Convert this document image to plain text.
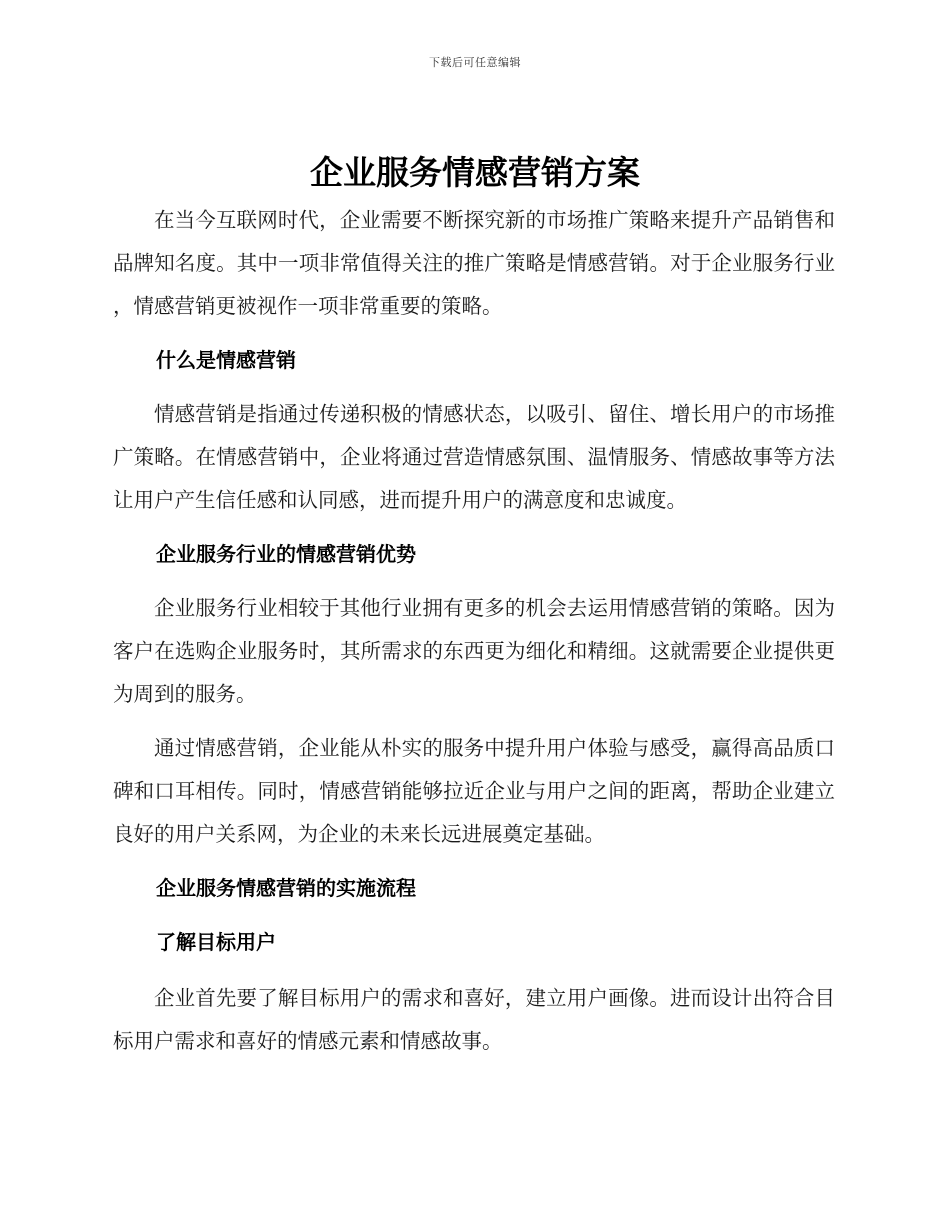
下载后可任意编辑
企业服务情感营销方案

在当今互联网时代，企业需要不断探究新的市场推广策略来提升产品销售和品牌知名度。其中一项非常值得关注的推广策略是情感营销。对于企业服务行业，情感营销更被视作一项非常重要的策略。

什么是情感营销

情感营销是指通过传递积极的情感状态，以吸引、留住、增长用户的市场推广策略。在情感营销中，企业将通过营造情感氛围、温情服务、情感故事等方法让用户产生信任感和认同感，进而提升用户的满意度和忠诚度。

企业服务行业的情感营销优势

企业服务行业相较于其他行业拥有更多的机会去运用情感营销的策略。因为客户在选购企业服务时，其所需求的东西更为细化和精细。这就需要企业提供更为周到的服务。

通过情感营销，企业能从朴实的服务中提升用户体验与感受，赢得高品质口碑和口耳相传。同时，情感营销能够拉近企业与用户之间的距离，帮助企业建立良好的用户关系网，为企业的未来长远进展奠定基础。

企业服务情感营销的实施流程
了解目标用户

企业首先要了解目标用户的需求和喜好，建立用户画像。进而设计出符合目标用户需求和喜好的情感元素和情感故事。
